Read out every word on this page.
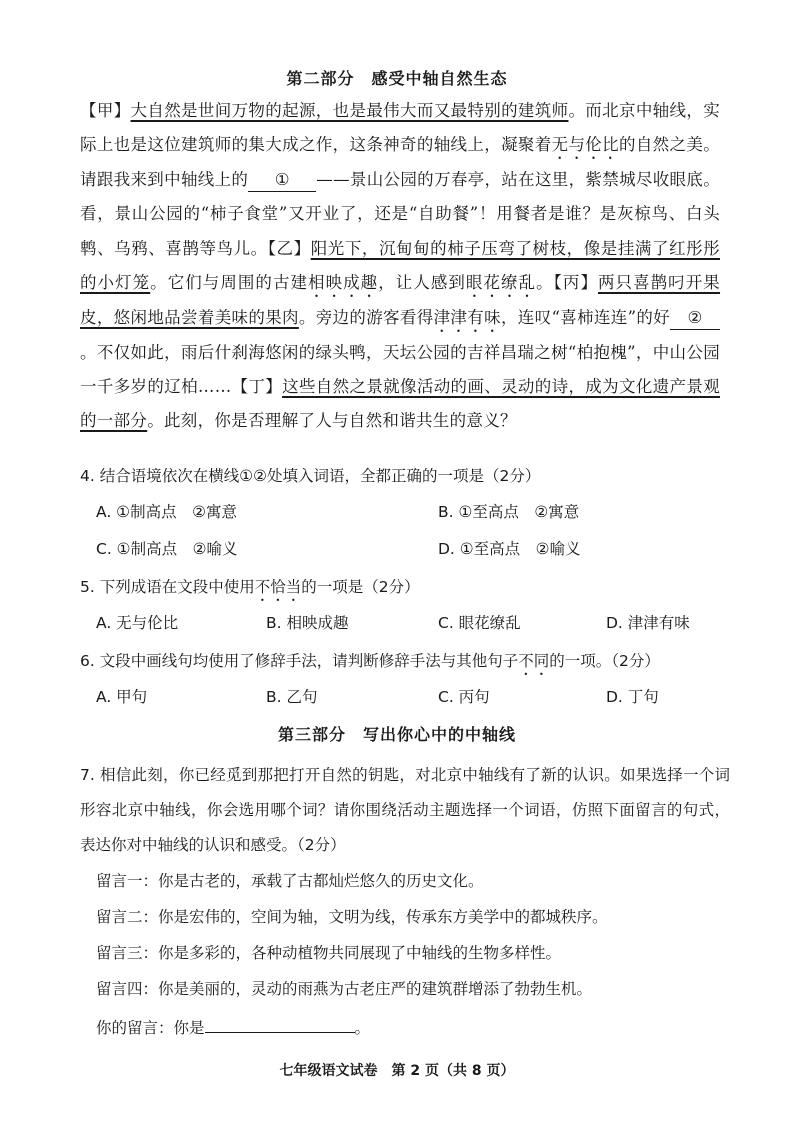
第二部分　感受中轴自然生态
【甲】大自然是世间万物的起源，也是最伟大而又最特别的建筑师。而北京中轴线，实际上也是这位建筑师的集大成之作，这条神奇的轴线上，凝聚着无与伦比的自然之美。请跟我来到中轴线上的 ① ——景山公园的万春亭，站在这里，紫禁城尽收眼底。看，景山公园的“柿子食堂”又开业了，还是“自助餐”！用餐者是谁？是灰椋鸟、白头鹎、乌鸦、喜鹊等鸟儿。【乙】阳光下，沉甸甸的柿子压弯了树枝，像是挂满了红彤彤的小灯笼。它们与周围的古建相映成趣，让人感到眼花缭乱。【丙】两只喜鹊叼开果皮，悠闲地品尝着美味的果肉。旁边的游客看得津津有味，连叹“喜柿连连”的好 ②。不仅如此，雨后什刹海悠闲的绿头鸭，天坛公园的吉祥昌瑞之树“柏抱槐”，中山公园一千多岁的辽柏……【丁】这些自然之景就像活动的画、灵动的诗，成为文化遗产景观的一部分。此刻，你是否理解了人与自然和谐共生的意义？
4. 结合语境依次在横线①②处填入词语，全都正确的一项是（2分）
A. ①制高点　②寓意	B. ①至高点　②寓意
C. ①制高点　②喻义	D. ①至高点　②喻义
5. 下列成语在文段中使用不恰当的一项是（2分）
A. 无与伦比	B. 相映成趣	C. 眼花缭乱	D. 津津有味
6. 文段中画线句均使用了修辞手法，请判断修辞手法与其他句子不同的一项。（2分）
A. 甲句	B. 乙句	C. 丙句	D. 丁句
第三部分　写出你心中的中轴线
7. 相信此刻，你已经觅到那把打开自然的钥匙，对北京中轴线有了新的认识。如果选择一个词形容北京中轴线，你会选用哪个词？请你围绕活动主题选择一个词语，仿照下面留言的句式，表达你对中轴线的认识和感受。（2分）
留言一：你是古老的，承载了古都灿烂悠久的历史文化。
留言二：你是宏伟的，空间为轴，文明为线，传承东方美学中的都城秩序。
留言三：你是多彩的，各种动植物共同展现了中轴线的生物多样性。
留言四：你是美丽的，灵动的雨燕为古老庄严的建筑群增添了勃勃生机。
你的留言：你是	。
七年级语文试卷　第 2 页（共 8 页）
